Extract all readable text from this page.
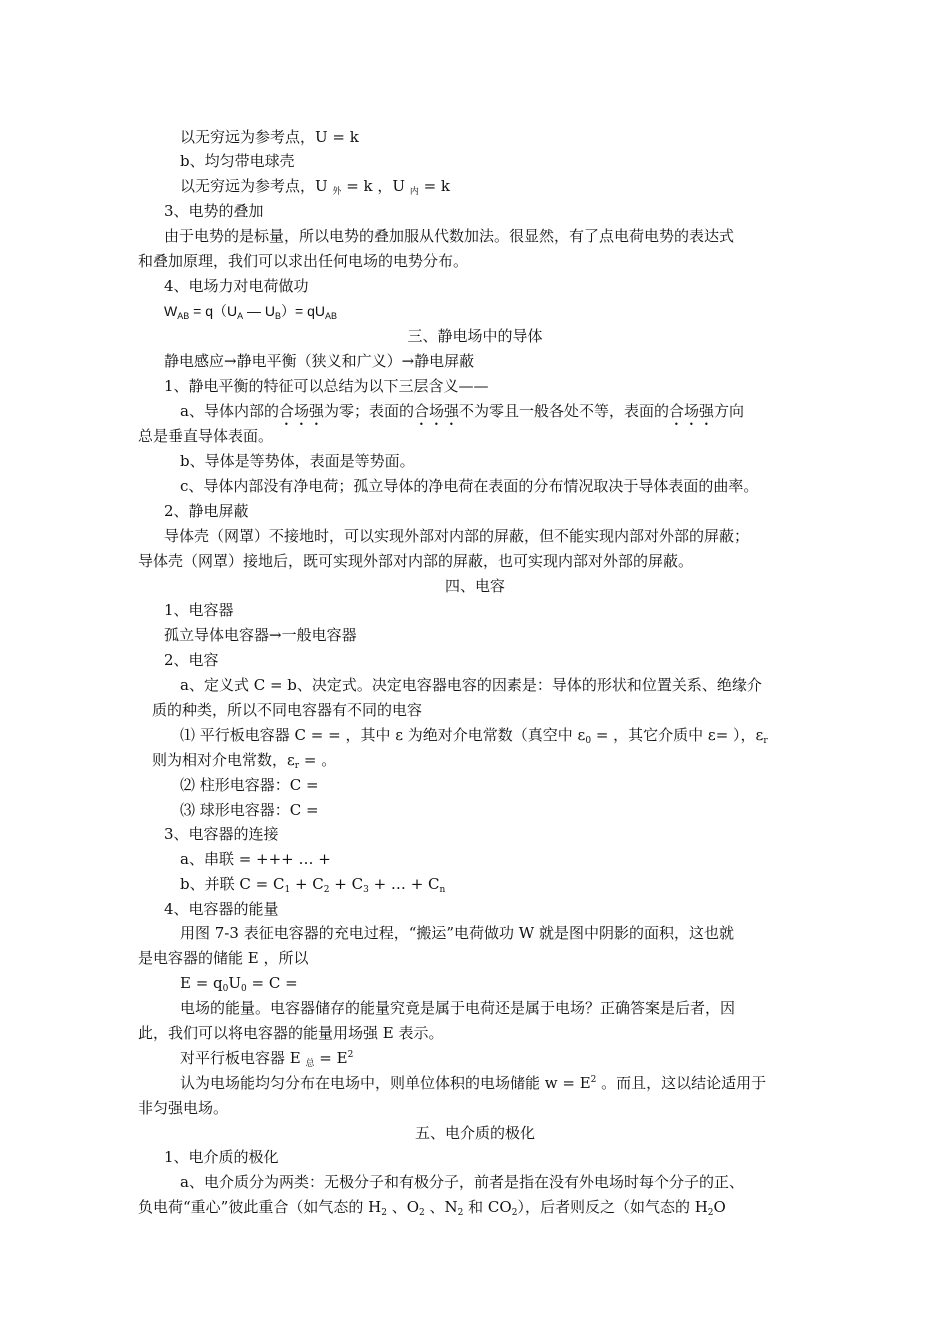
以无穷远为参考点，U = k
b、均匀带电球壳
以无穷远为参考点，U $_外$ = k ，U $_内$ = k
3、电势的叠加
由于电势的是标量，所以电势的叠加服从代数加法。很显然，有了点电荷电势的表达式
和叠加原理，我们可以求出任何电场的电势分布。
4、电场力对电荷做功
$W_{AB} = q(U_A$ — $U_B)= qU_{AB}$
三、静电场中的导体
静电感应→静电平衡（狭义和广义）→静电屏蔽
1、静电平衡的特征可以总结为以下三层含义——
a、导体内部的合场强为零；表面的合场强不为零且一般各处不等，表面的合场强方向
总是垂直导体表面。
b、导体是等势体，表面是等势面。
c、导体内部没有净电荷；孤立导体的净电荷在表面的分布情况取决于导体表面的曲率。
2、静电屏蔽
导体壳（网罩）不接地时，可以实现外部对内部的屏蔽，但不能实现内部对外部的屏蔽；
导体壳（网罩）接地后，既可实现外部对内部的屏蔽，也可实现内部对外部的屏蔽。
四、电容
1、电容器
孤立导体电容器→一般电容器
2、电容
a、定义式 C = b、决定式。决定电容器电容的因素是：导体的形状和位置关系、绝缘介
质的种类，所以不同电容器有不同的电容
⑴ 平行板电容器 C = = ，其中 ε 为绝对介电常数（真空中 $\varepsilon_0$ = ，其它介质中 ε= ），$\varepsilon_r$
则为相对介电常数，$\varepsilon_r$ = 。
⑵ 柱形电容器：C =
⑶ 球形电容器：C =
3、电容器的连接
a、串联 = +++ … +
b、并联 $C = C_1 + C_2 + C_3$ + … + $C_n$
4、电容器的能量
用图 7-3 表征电容器的充电过程，“搬运”电荷做功 W 就是图中阴影的面积，这也就
是电容器的储能 E ，所以
$E = q_0U_0 = C$ =
电场的能量。电容器储存的能量究竟是属于电荷还是属于电场？正确答案是后者，因
此，我们可以将电容器的能量用场强 E 表示。
对平行板电容器 E $_总 = E^2$
认为电场能均匀分布在电场中，则单位体积的电场储能 $w = E^2$ 。而且，这以结论适用于
非匀强电场。
五、电介质的极化
1、电介质的极化
a、电介质分为两类：无极分子和有极分子，前者是指在没有外电场时每个分子的正、
负电荷“重心”彼此重合（如气态的 $H_2$ 、$O_2$ 、$N_2$ 和 $CO_2$），后者则反之（如气态的 $H_2O$
